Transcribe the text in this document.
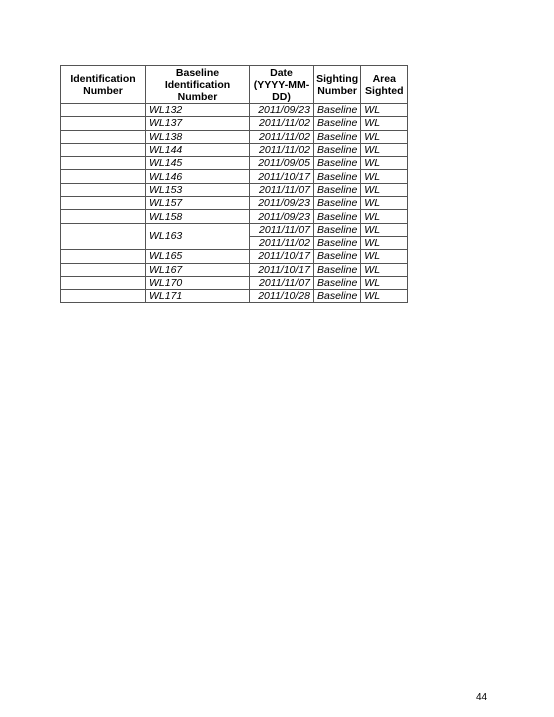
Identification Number	Baseline Identification Number	Date (YYYY-MM-DD)	Sighting Number	Area Sighted
	WL132	2011/09/23	Baseline	WL
	WL137	2011/11/02	Baseline	WL
	WL138	2011/11/02	Baseline	WL
	WL144	2011/11/02	Baseline	WL
	WL145	2011/09/05	Baseline	WL
	WL146	2011/10/17	Baseline	WL
	WL153	2011/11/07	Baseline	WL
	WL157	2011/09/23	Baseline	WL
	WL158	2011/09/23	Baseline	WL
	WL163	2011/11/07	Baseline	WL
		2011/11/02	Baseline	WL
	WL165	2011/10/17	Baseline	WL
	WL167	2011/10/17	Baseline	WL
	WL170	2011/11/07	Baseline	WL
	WL171	2011/10/28	Baseline	WL
44
